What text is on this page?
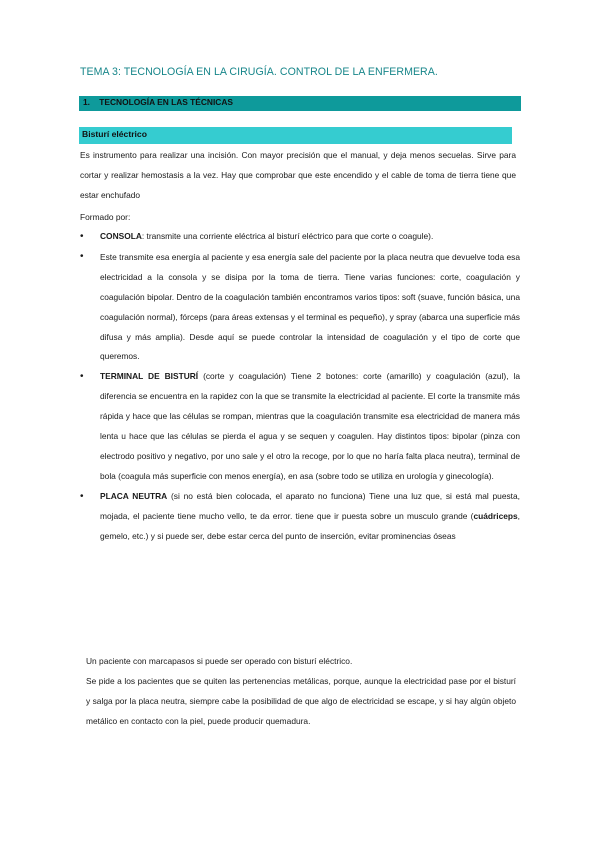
TEMA 3: TECNOLOGÍA EN LA CIRUGÍA. CONTROL DE LA ENFERMERA.
1.    TECNOLOGÍA EN LAS TÉCNICAS
Bisturí eléctrico

Es instrumento para realizar una incisión. Con mayor precisión que el manual, y deja menos secuelas. Sirve para cortar y realizar hemostasis a la vez. Hay que comprobar que este encendido y el cable de toma de tierra tiene que estar enchufado

Formado por:

• CONSOLA: transmite una corriente eléctrica al bisturí eléctrico para que corte o coagule).
• Este transmite esa energía al paciente y esa energía sale del paciente por la placa neutra que devuelve toda esa electricidad a la consola y se disipa por la toma de tierra. Tiene varias funciones: corte, coagulación y coagulación bipolar. Dentro de la coagulación también encontramos varios tipos: soft (suave, función básica, una coagulación normal), fórceps (para áreas extensas y el terminal es pequeño), y spray (abarca una superficie más difusa y más amplia). Desde aquí se puede controlar la intensidad de coagulación y el tipo de corte que queremos.
• TERMINAL DE BISTURÍ (corte y coagulación) Tiene 2 botones: corte (amarillo) y coagulación (azul), la diferencia se encuentra en la rapidez con la que se transmite la electricidad al paciente. El corte la transmite más rápida y hace que las células se rompan, mientras que la coagulación transmite esa electricidad de manera más lenta u hace que las células se pierda el agua y se sequen y coagulen. Hay distintos tipos: bipolar (pinza con electrodo positivo y negativo, por uno sale y el otro la recoge, por lo que no haría falta placa neutra), terminal de bola (coagula más superficie con menos energía), en asa (sobre todo se utiliza en urología y ginecología).
• PLACA NEUTRA (si no está bien colocada, el aparato no funciona) Tiene una luz que, si está mal puesta, mojada, el paciente tiene mucho vello, te da error. tiene que ir puesta sobre un musculo grande (cuádriceps, gemelo, etc.) y si puede ser, debe estar cerca del punto de inserción, evitar prominencias óseas

Un paciente con marcapasos si puede ser operado con bisturí eléctrico.

Se pide a los pacientes que se quiten las pertenencias metálicas, porque, aunque la electricidad pase por el bisturí y salga por la placa neutra, siempre cabe la posibilidad de que algo de electricidad se escape, y si hay algún objeto metálico en contacto con la piel, puede producir quemadura.
